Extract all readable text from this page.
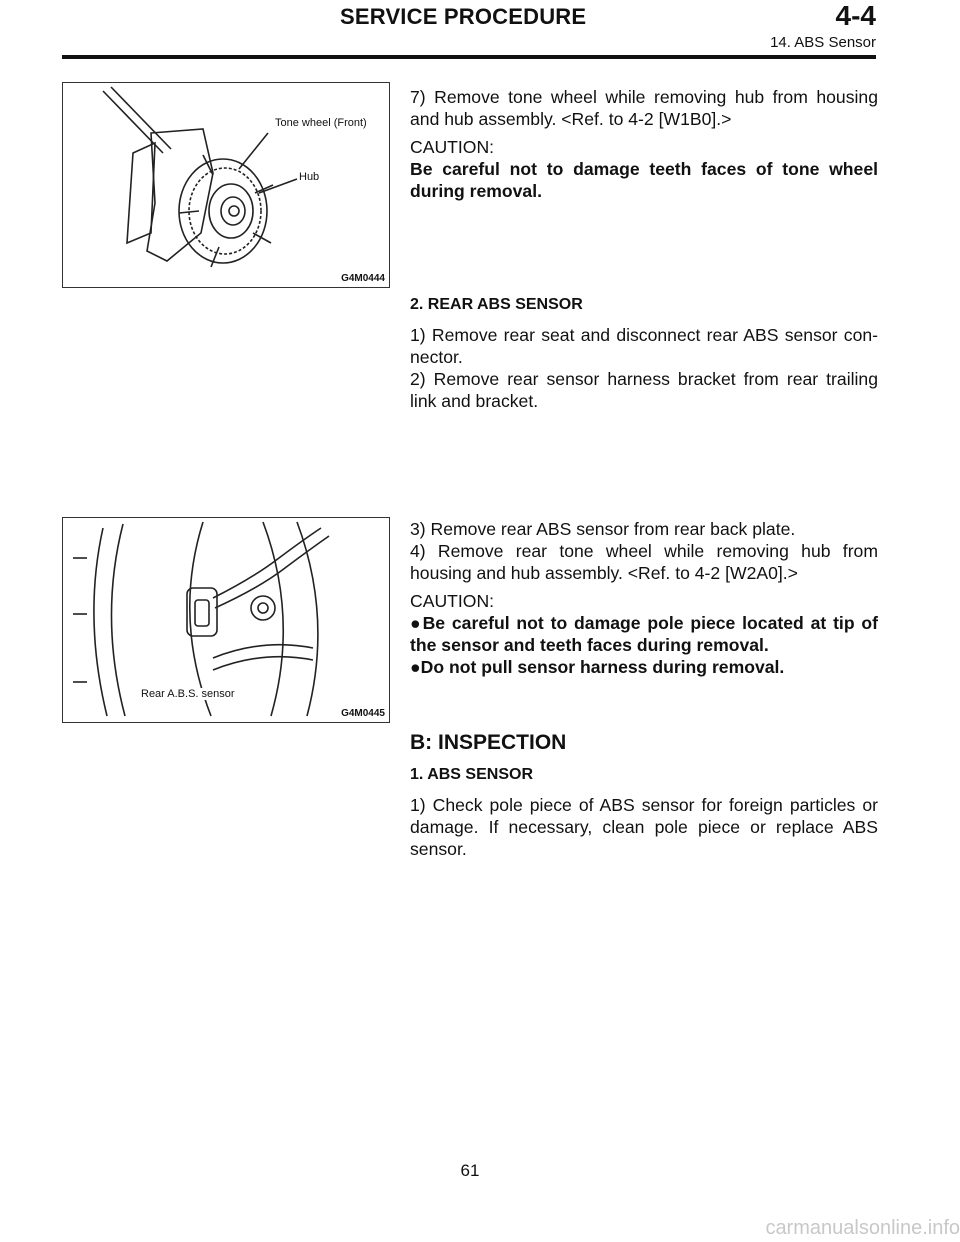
SERVICE PROCEDURE	4-4
14. ABS Sensor
Tone wheel (Front)
Hub
G4M0444
Rear A.B.S. sensor
G4M0445

7) Remove tone wheel while removing hub from housing and hub assembly. <Ref. to 4-2 [W1B0].>

CAUTION:

Be careful not to damage teeth faces of tone wheel during removal.

2. REAR ABS SENSOR

1) Remove rear seat and disconnect rear ABS sensor con-nector.

2) Remove rear sensor harness bracket from rear trailing link and bracket.

3) Remove rear ABS sensor from rear back plate.

4) Remove rear tone wheel while removing hub from housing and hub assembly. <Ref. to 4-2 [W2A0].>

CAUTION:

●Be careful not to damage pole piece located at tip of the sensor and teeth faces during removal.

●Do not pull sensor harness during removal.

B: INSPECTION

1. ABS SENSOR

1) Check pole piece of ABS sensor for foreign particles or damage. If necessary, clean pole piece or replace ABS sensor.

61
carmanualsonline.info
